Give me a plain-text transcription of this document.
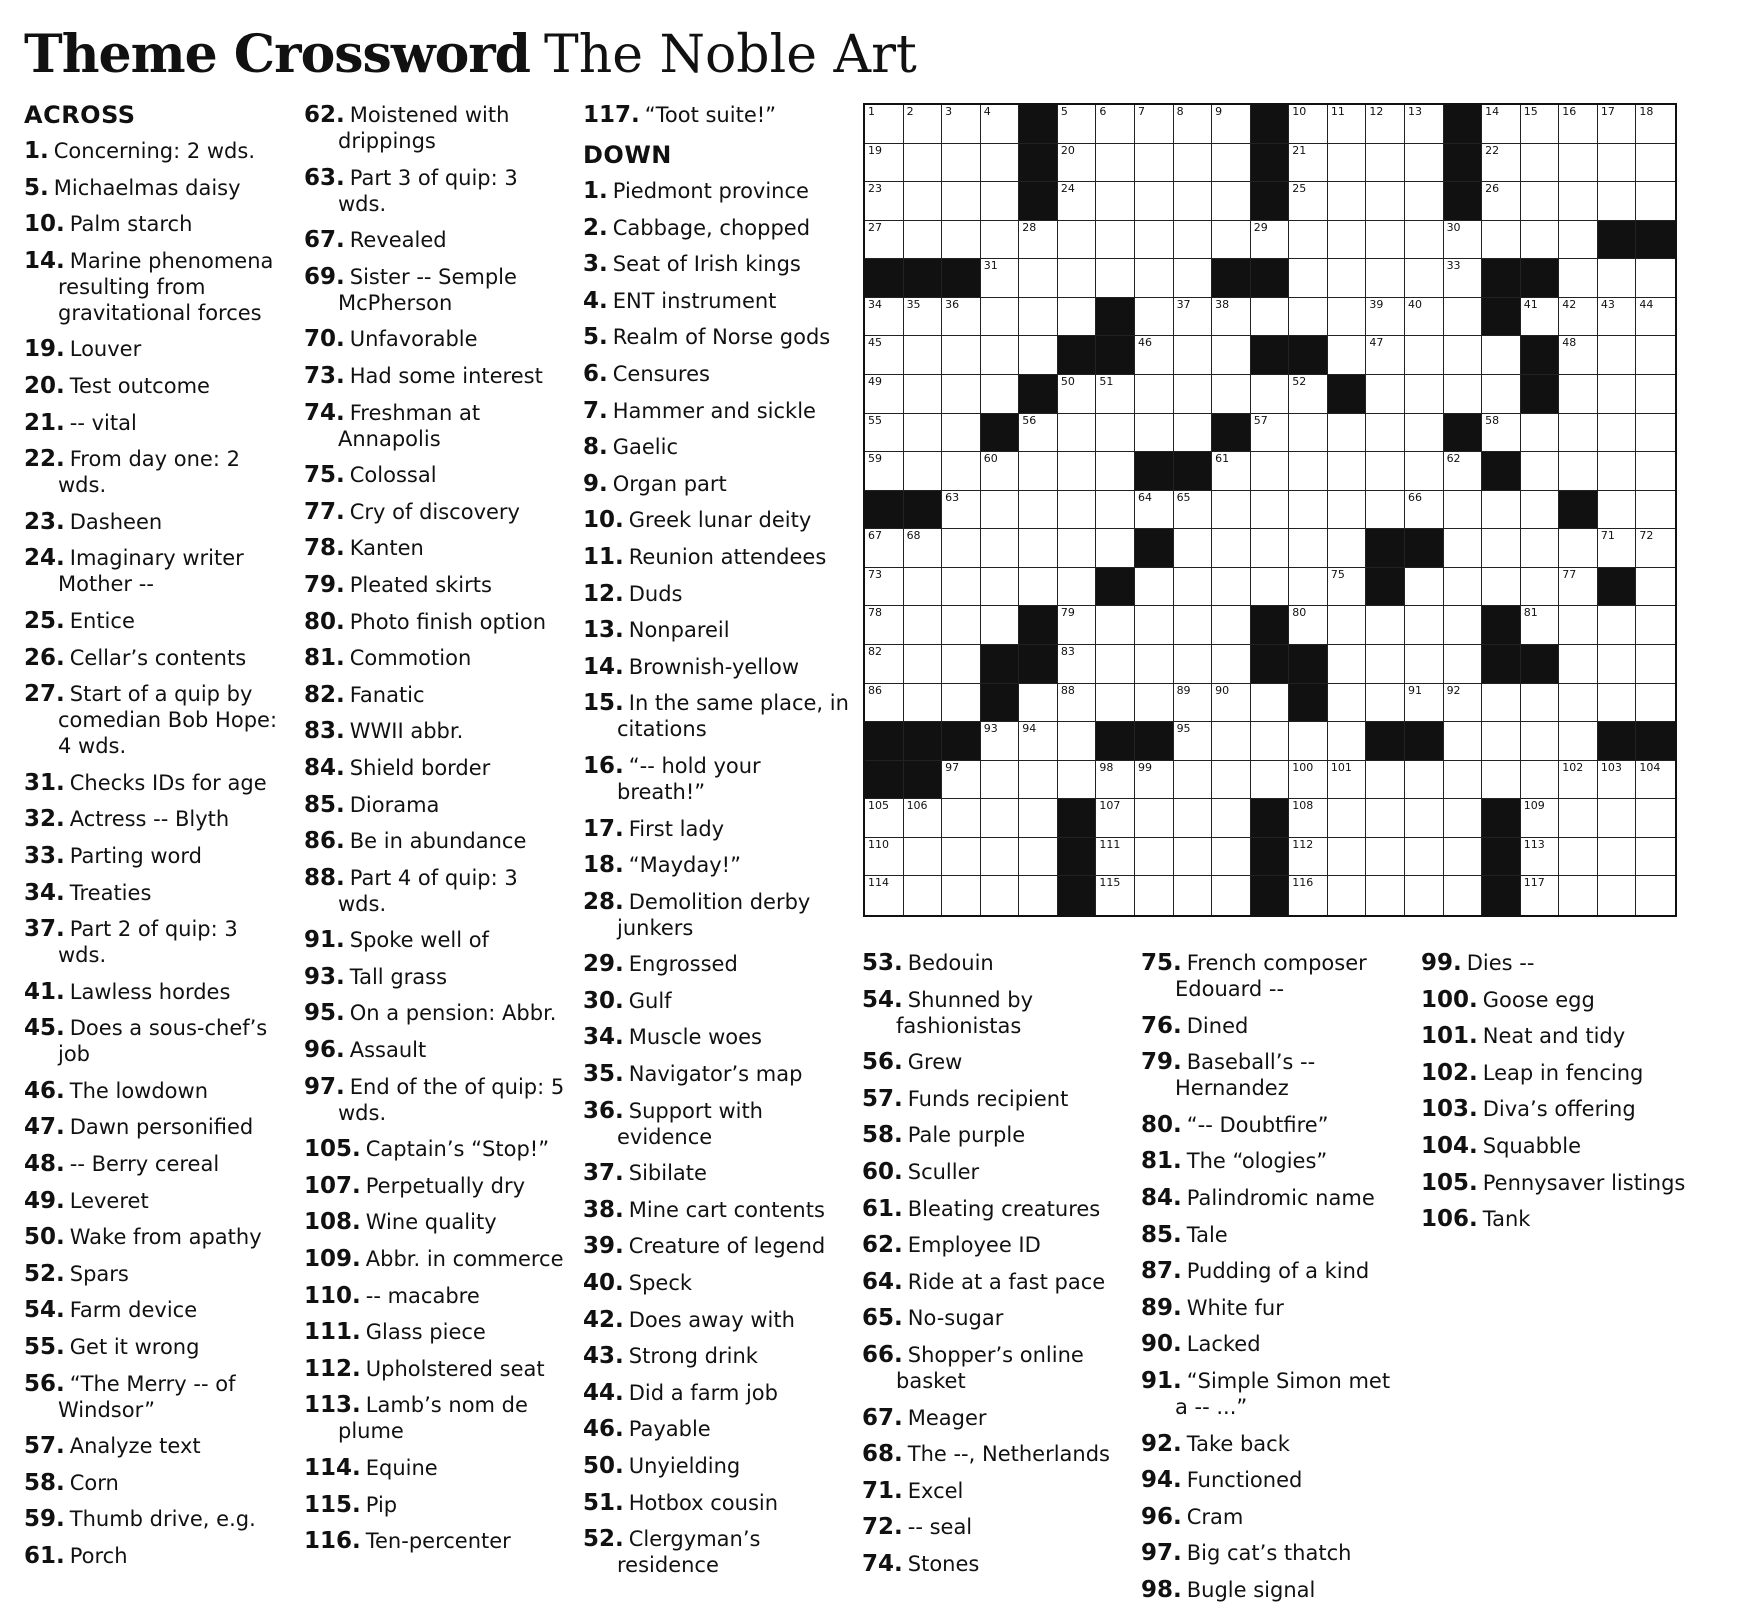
Theme Crossword The Noble Art
ACROSS
1. Concerning: 2 wds.
5. Michaelmas daisy
10. Palm starch
14. Marine phenomena resulting from gravitational forces
19. Louver
20. Test outcome
21. -- vital
22. From day one: 2 wds.
23. Dasheen
24. Imaginary writer Mother --
25. Entice
26. Cellar’s contents
27. Start of a quip by comedian Bob Hope: 4 wds.
31. Checks IDs for age
32. Actress -- Blyth
33. Parting word
34. Treaties
37. Part 2 of quip: 3 wds.
41. Lawless hordes
45. Does a sous-chef’s job
46. The lowdown
47. Dawn personified
48. -- Berry cereal
49. Leveret
50. Wake from apathy
52. Spars
54. Farm device
55. Get it wrong
56. “The Merry -- of Windsor”
57. Analyze text
58. Corn
59. Thumb drive, e.g.
61. Porch
62. Moistened with drippings
63. Part 3 of quip: 3 wds.
67. Revealed
69. Sister -- Semple McPherson
70. Unfavorable
73. Had some interest
74. Freshman at Annapolis
75. Colossal
77. Cry of discovery
78. Kanten
79. Pleated skirts
80. Photo finish option
81. Commotion
82. Fanatic
83. WWII abbr.
84. Shield border
85. Diorama
86. Be in abundance
88. Part 4 of quip: 3 wds.
91. Spoke well of
93. Tall grass
95. On a pension: Abbr.
96. Assault
97. End of the of quip: 5 wds.
105. Captain’s “Stop!”
107. Perpetually dry
108. Wine quality
109. Abbr. in commerce
110. -- macabre
111. Glass piece
112. Upholstered seat
113. Lamb’s nom de plume
114. Equine
115. Pip
116. Ten-percenter
117. “Toot suite!”
DOWN
1. Piedmont province
2. Cabbage, chopped
3. Seat of Irish kings
4. ENT instrument
5. Realm of Norse gods
6. Censures
7. Hammer and sickle
8. Gaelic
9. Organ part
10. Greek lunar deity
11. Reunion attendees
12. Duds
13. Nonpareil
14. Brownish-yellow
15. In the same place, in citations
16. “-- hold your breath!”
17. First lady
18. “Mayday!”
28. Demolition derby junkers
29. Engrossed
30. Gulf
34. Muscle woes
35. Navigator’s map
36. Support with evidence
37. Sibilate
38. Mine cart contents
39. Creature of legend
40. Speck
42. Does away with
43. Strong drink
44. Did a farm job
46. Payable
50. Unyielding
51. Hotbox cousin
52. Clergyman’s residence
53. Bedouin
54. Shunned by fashionistas
56. Grew
57. Funds recipient
58. Pale purple
60. Sculler
61. Bleating creatures
62. Employee ID
64. Ride at a fast pace
65. No-sugar
66. Shopper’s online basket
67. Meager
68. The --, Netherlands
71. Excel
72. -- seal
74. Stones
75. French composer Edouard --
76. Dined
79. Baseball’s -- Hernandez
80. “-- Doubtfire”
81. The “ologies”
84. Palindromic name
85. Tale
87. Pudding of a kind
89. White fur
90. Lacked
91. “Simple Simon met a -- ...”
92. Take back
94. Functioned
96. Cram
97. Big cat’s thatch
98. Bugle signal
99. Dies --
100. Goose egg
101. Neat and tidy
102. Leap in fencing
103. Diva’s offering
104. Squabble
105. Pennysaver listings
106. Tank
1	2	3	4	5	6	7	8	9	10 11 12 13	14 15 16 17 18
19	20	21	22
23	24	25	26
27	28	29	30
31	33
34 35 36	37 38	39 40	41 42 43 44
45	46	47	48
49	50 51	52
55	56	57	58
59	60	61	62
63	64 65	66
67 68	71 72
73	75	77
78	79	80	81
82	83
86	88	89 90	91 92
93 94	95
97	98 99	100 101	102 103 104
105 106	107	108	109
110	111	112	113
114	115	116	117
